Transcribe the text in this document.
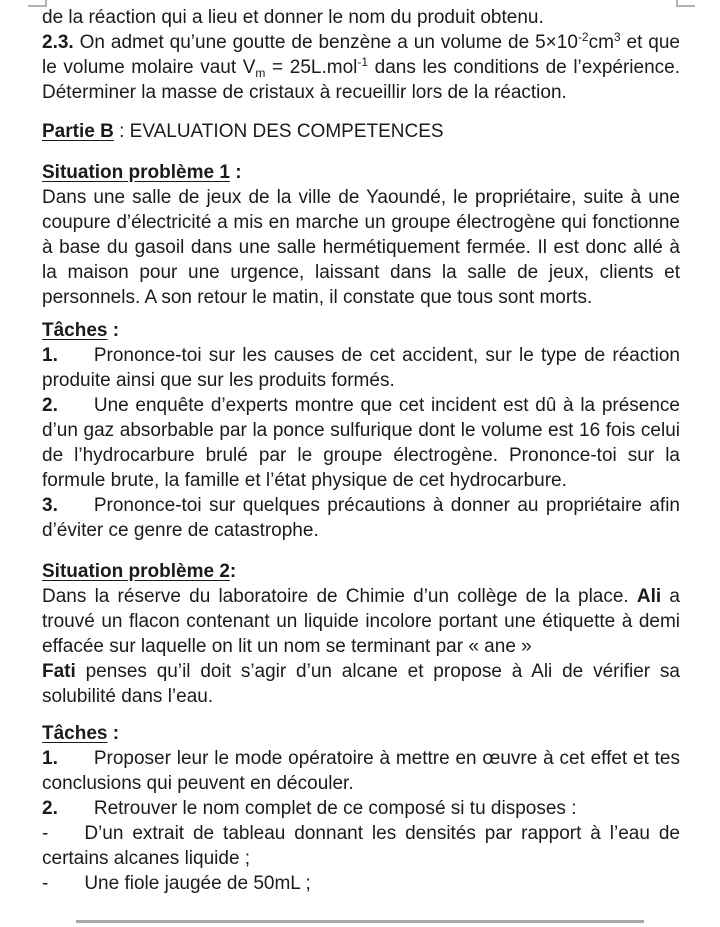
de la réaction qui a lieu et donner le nom du produit obtenu.
2.3. On admet qu’une goutte de benzène a un volume de $5\times 10^{-2}cm^3$ et que le volume molaire vaut $V_m = 25L.mol^{-1}$ dans les conditions de l’expérience. Déterminer la masse de cristaux à recueillir lors de la réaction.
Partie B : EVALUATION DES COMPETENCES
Situation problème 1 :
Dans une salle de jeux de la ville de Yaoundé, le propriétaire, suite à une coupure d’électricité a mis en marche un groupe électrogène qui fonctionne à base du gasoil dans une salle hermétiquement fermée. Il est donc allé à la maison pour une urgence, laissant dans la salle de jeux, clients et personnels. A son retour le matin, il constate que tous sont morts.
Tâches :
1. Prononce-toi sur les causes de cet accident, sur le type de réaction produite ainsi que sur les produits formés.
2. Une enquête d’experts montre que cet incident est dû à la présence d’un gaz absorbable par la ponce sulfurique dont le volume est 16 fois celui de l’hydrocarbure brulé par le groupe électrogène. Prononce-toi sur la formule brute, la famille et l’état physique de cet hydrocarbure.
3. Prononce-toi sur quelques précautions à donner au propriétaire afin d’éviter ce genre de catastrophe.
Situation problème 2:
Dans la réserve du laboratoire de Chimie d’un collège de la place. Ali a trouvé un flacon contenant un liquide incolore portant une étiquette à demi effacée sur laquelle on lit un nom se terminant par « ane »
Fati penses qu’il doit s’agir d’un alcane et propose à Ali de vérifier sa solubilité dans l’eau.
Tâches :
1. Proposer leur le mode opératoire à mettre en œuvre à cet effet et tes conclusions qui peuvent en découler.
2. Retrouver le nom complet de ce composé si tu disposes :
- D’un extrait de tableau donnant les densités par rapport à l’eau de certains alcanes liquide ;
- Une fiole jaugée de 50mL ;
